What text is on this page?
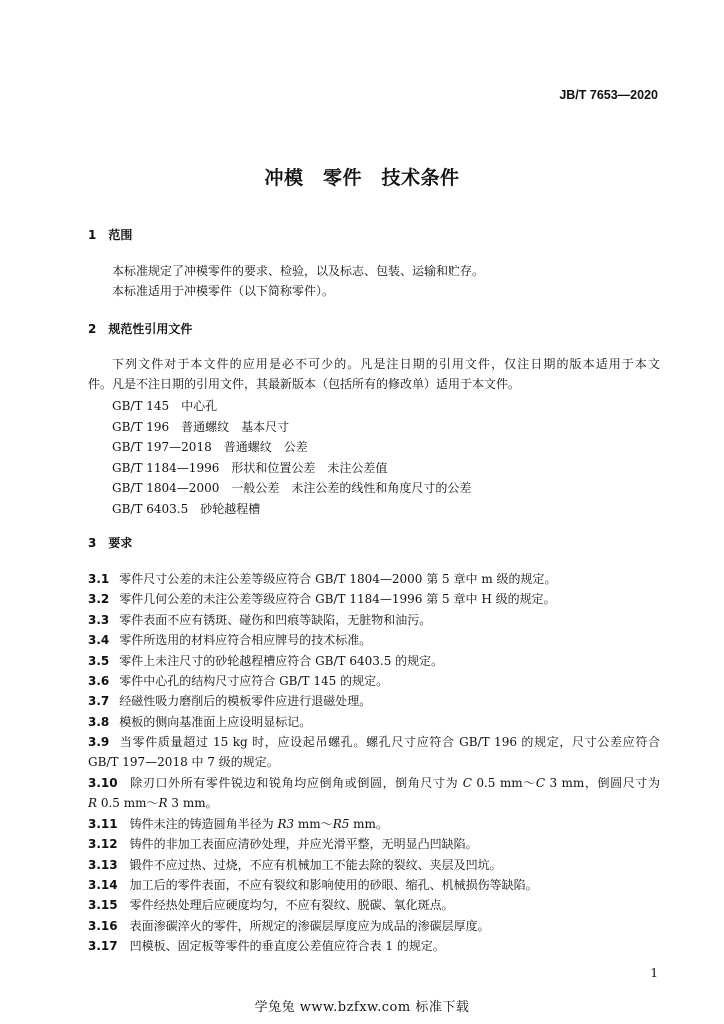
JB/T 7653—2020
冲模　零件　技术条件
1　范围
本标准规定了冲模零件的要求、检验，以及标志、包装、运输和贮存。
本标准适用于冲模零件（以下简称零件）。
2　规范性引用文件
下列文件对于本文件的应用是必不可少的。凡是注日期的引用文件，仅注日期的版本适用于本文
件。凡是不注日期的引用文件，其最新版本（包括所有的修改单）适用于本文件。
GB/T 145　中心孔
GB/T 196　普通螺纹　基本尺寸
GB/T 197—2018　普通螺纹　公差
GB/T 1184—1996　形状和位置公差　未注公差值
GB/T 1804—2000　一般公差　未注公差的线性和角度尺寸的公差
GB/T 6403.5　砂轮越程槽
3　要求
3.1 零件尺寸公差的未注公差等级应符合 GB/T 1804—2000 第 5 章中 m 级的规定。
3.2 零件几何公差的未注公差等级应符合 GB/T 1184—1996 第 5 章中 H 级的规定。
3.3 零件表面不应有锈斑、碰伤和凹痕等缺陷，无脏物和油污。
3.4 零件所选用的材料应符合相应牌号的技术标准。
3.5 零件上未注尺寸的砂轮越程槽应符合 GB/T 6403.5 的规定。
3.6 零件中心孔的结构尺寸应符合 GB/T 145 的规定。
3.7 经磁性吸力磨削后的模板零件应进行退磁处理。
3.8 模板的侧向基准面上应设明显标记。
3.9 当零件质量超过 15 kg 时，应设起吊螺孔。螺孔尺寸应符合 GB/T 196 的规定，尺寸公差应符合
GB/T 197—2018 中 7 级的规定。
3.10 除刃口外所有零件锐边和锐角均应倒角或倒圆，倒角尺寸为 C 0.5 mm～C 3 mm，倒圆尺寸为
R 0.5 mm～R 3 mm。
3.11 铸件未注的铸造圆角半径为 R3 mm～R5 mm。
3.12 铸件的非加工表面应清砂处理，并应光滑平整，无明显凸凹缺陷。
3.13 锻件不应过热、过烧，不应有机械加工不能去除的裂纹、夹层及凹坑。
3.14 加工后的零件表面，不应有裂纹和影响使用的砂眼、缩孔、机械损伤等缺陷。
3.15 零件经热处理后应硬度均匀，不应有裂纹、脱碳、氧化斑点。
3.16 表面渗碳淬火的零件，所规定的渗碳层厚度应为成品的渗碳层厚度。
3.17 凹模板、固定板等零件的垂直度公差值应符合表 1 的规定。
1
学兔兔 www.bzfxw.com 标准下载
